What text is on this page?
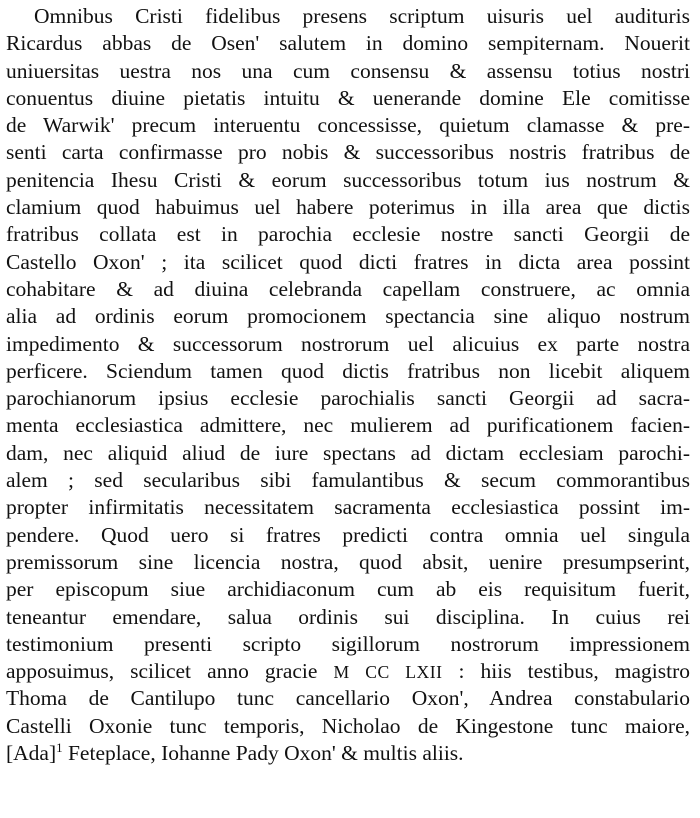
Omnibus Cristi fidelibus presens scriptum uisuris uel audituris
Ricardus abbas de Osen' salutem in domino sempiternam. Nouerit
uniuersitas uestra nos una cum consensu & assensu totius nostri
conuentus diuine pietatis intuitu & uenerande domine Ele comitisse
de Warwik' precum interuentu concessisse, quietum clamasse & pre-
senti carta confirmasse pro nobis & successoribus nostris fratribus de
penitencia Ihesu Cristi & eorum successoribus totum ius nostrum &
clamium quod habuimus uel habere poterimus in illa area que dictis
fratribus collata est in parochia ecclesie nostre sancti Georgii de
Castello Oxon' ; ita scilicet quod dicti fratres in dicta area possint
cohabitare & ad diuina celebranda capellam construere, ac omnia
alia ad ordinis eorum promocionem spectancia sine aliquo nostrum
impedimento & successorum nostrorum uel alicuius ex parte nostra
perficere. Sciendum tamen quod dictis fratribus non licebit aliquem
parochianorum ipsius ecclesie parochialis sancti Georgii ad sacra-
menta ecclesiastica admittere, nec mulierem ad purificationem facien-
dam, nec aliquid aliud de iure spectans ad dictam ecclesiam parochi-
alem ; sed secularibus sibi famulantibus & secum commorantibus
propter infirmitatis necessitatem sacramenta ecclesiastica possint im-
pendere. Quod uero si fratres predicti contra omnia uel singula
premissorum sine licencia nostra, quod absit, uenire presumpserint,
per episcopum siue archidiaconum cum ab eis requisitum fuerit,
teneantur emendare, salua ordinis sui disciplina. In cuius rei
testimonium presenti scripto sigillorum nostrorum impressionem
apposuimus, scilicet anno gracie M CC LXII : hiis testibus, magistro
Thoma de Cantilupo tunc cancellario Oxon', Andrea constabulario
Castelli Oxonie tunc temporis, Nicholao de Kingestone tunc maiore,
[Ada]$^1$ Feteplace, Iohanne Pady Oxon' & multis aliis.
